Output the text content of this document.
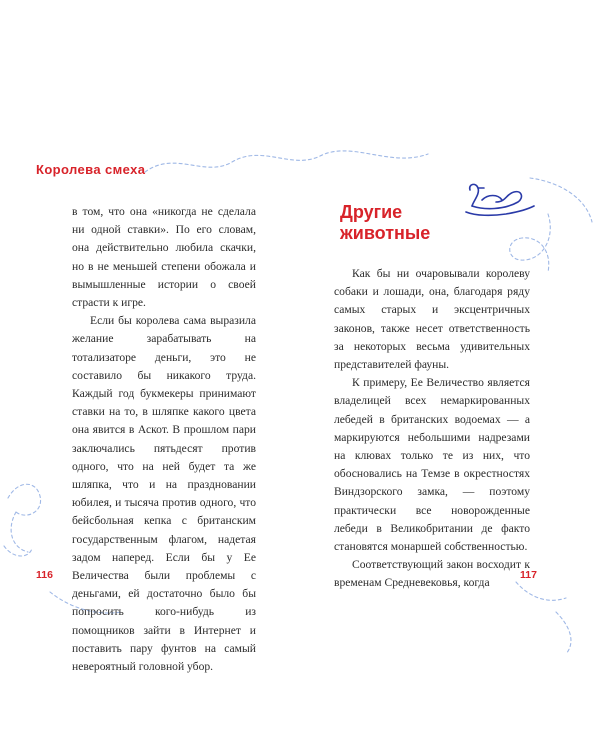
Королева смеха

в том, что она «никогда не сделала ни одной ставки». По его словам, она действительно любила скачки, но в не меньшей степени обожала и вымышленные истории о своей страсти к игре.

Если бы королева сама выразила желание зарабатывать на тотализаторе деньги, это не составило бы никакого труда. Каждый год букмекеры принимают ставки на то, в шляпке какого цвета она явится в Аскот. В прошлом пари заключались пятьдесят против одного, что на ней будет та же шляпка, что и на праздновании юбилея, и тысяча против одного, что бейсбольная кепка с британским государственным флагом, надетая задом наперед. Если бы у Ее Величества были проблемы с деньгами, ей достаточно было бы попросить кого-нибудь из помощников зайти в Интернет и поставить пару фунтов на самый невероятный головной убор.

116
Другие
животные

Как бы ни очаровывали королеву собаки и лошади, она, благодаря ряду самых старых и эксцентричных законов, также несет ответственность за некоторых весьма удивительных представителей фауны.

К примеру, Ее Величество является владелицей всех немаркированных лебедей в британских водоемах — а маркируются небольшими надрезами на клювах только те из них, что обосновались на Темзе в окрестностях Виндзорского замка, — поэтому практически все новорожденные лебеди в Великобритании де факто становятся монаршей собственностью.

Соответствующий закон восходит к временам Средневековья, когда

117
